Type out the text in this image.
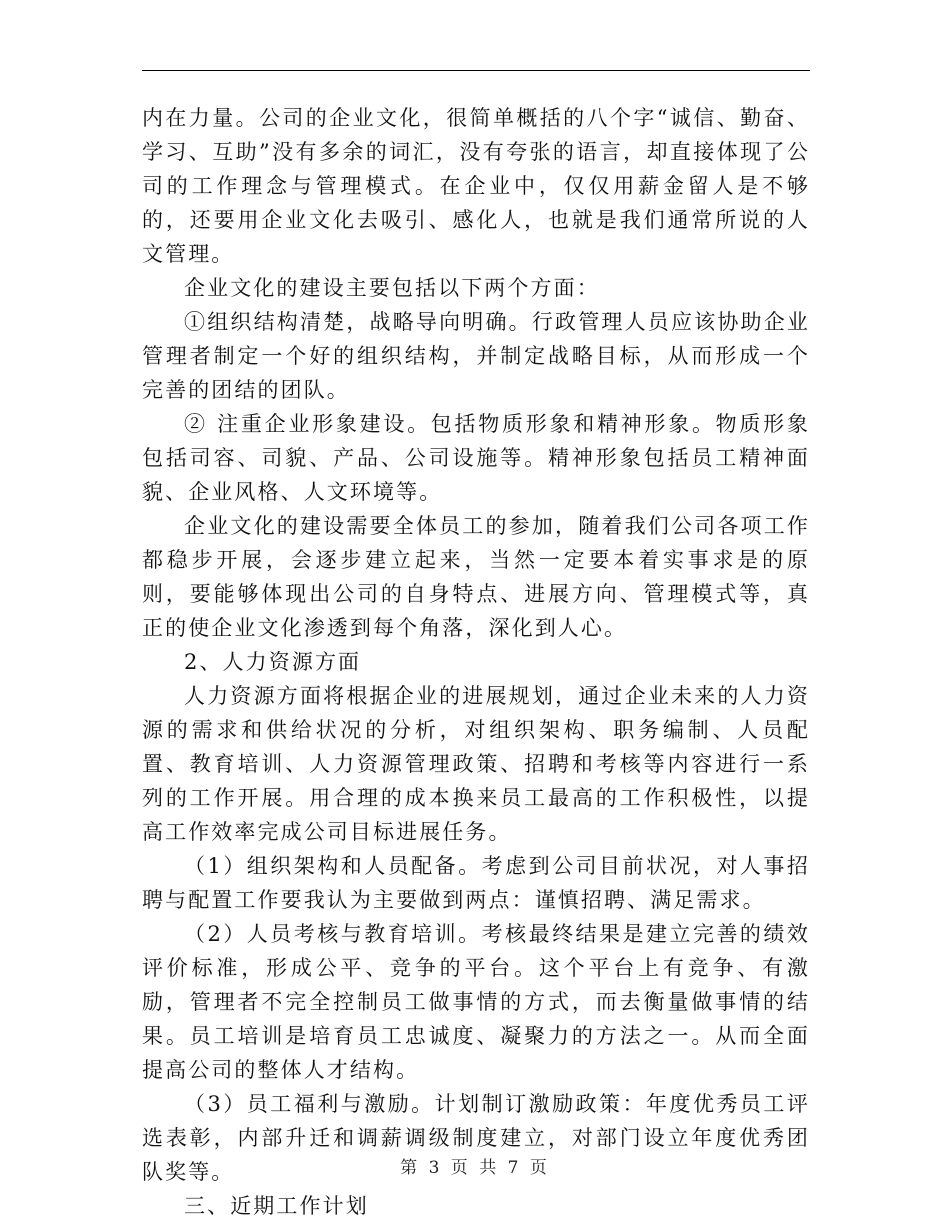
内在力量。公司的企业文化，很简单概括的八个字“诚信、勤奋、学习、互助”没有多余的词汇，没有夸张的语言，却直接体现了公司的工作理念与管理模式。在企业中，仅仅用薪金留人是不够的，还要用企业文化去吸引、感化人，也就是我们通常所说的人文管理。

企业文化的建设主要包括以下两个方面：

①组织结构清楚，战略导向明确。行政管理人员应该协助企业管理者制定一个好的组织结构，并制定战略目标，从而形成一个完善的团结的团队。

② 注重企业形象建设。包括物质形象和精神形象。物质形象包括司容、司貌、产品、公司设施等。精神形象包括员工精神面貌、企业风格、人文环境等。

企业文化的建设需要全体员工的参加，随着我们公司各项工作都稳步开展，会逐步建立起来，当然一定要本着实事求是的原则，要能够体现出公司的自身特点、进展方向、管理模式等，真正的使企业文化渗透到每个角落，深化到人心。

2、人力资源方面

人力资源方面将根据企业的进展规划，通过企业未来的人力资源的需求和供给状况的分析，对组织架构、职务编制、人员配置、教育培训、人力资源管理政策、招聘和考核等内容进行一系列的工作开展。用合理的成本换来员工最高的工作积极性，以提高工作效率完成公司目标进展任务。

（1）组织架构和人员配备。考虑到公司目前状况，对人事招聘与配置工作要我认为主要做到两点：谨慎招聘、满足需求。

（2）人员考核与教育培训。考核最终结果是建立完善的绩效评价标准，形成公平、竞争的平台。这个平台上有竞争、有激励，管理者不完全控制员工做事情的方式，而去衡量做事情的结果。员工培训是培育员工忠诚度、凝聚力的方法之一。从而全面提高公司的整体人才结构。

（3）员工福利与激励。计划制订激励政策：年度优秀员工评选表彰，内部升迁和调薪调级制度建立，对部门设立年度优秀团队奖等。

三、近期工作计划

第 3 页 共 7 页
